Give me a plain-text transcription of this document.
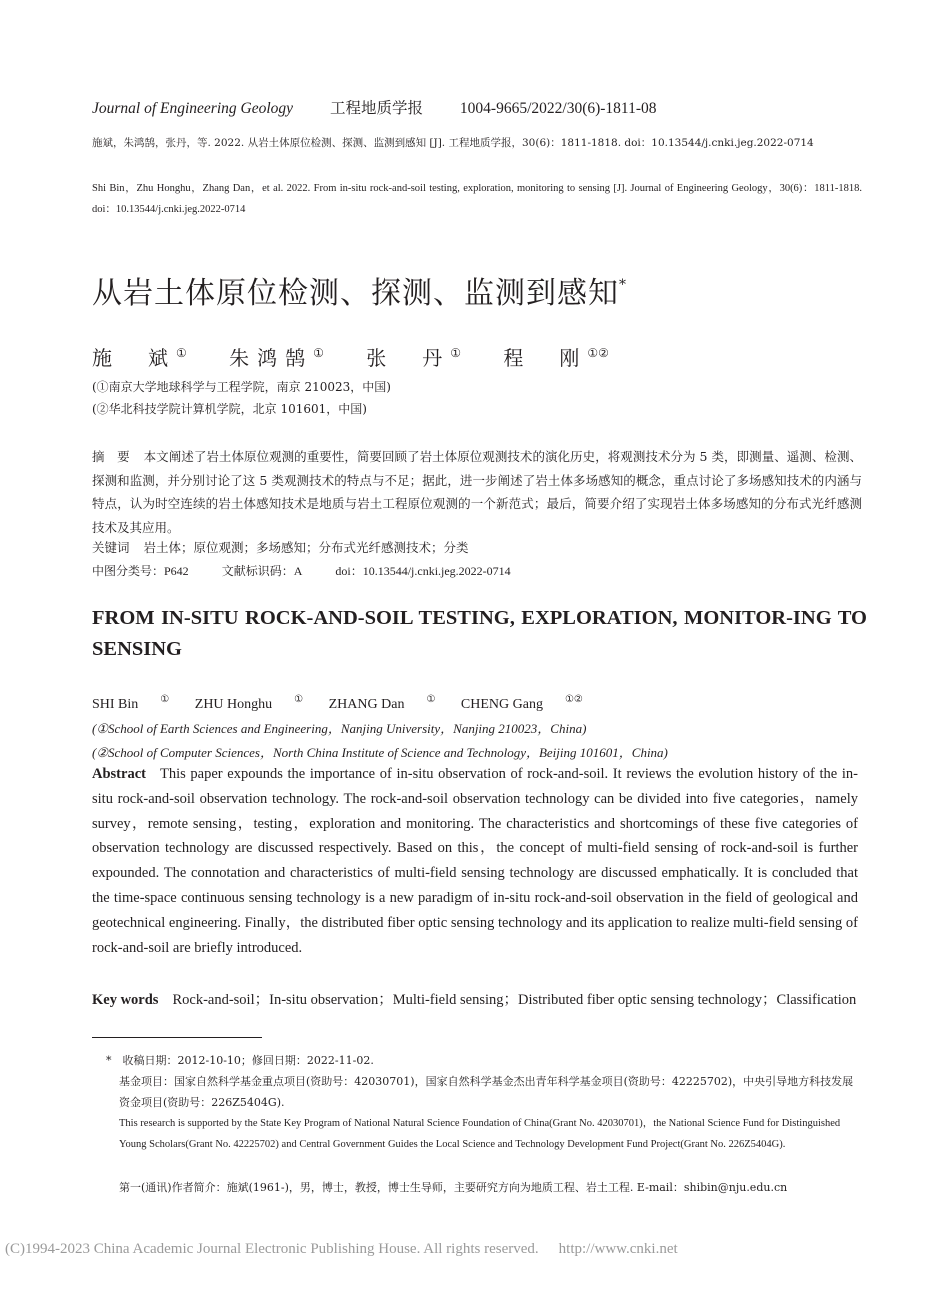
Journal of Engineering Geology 工程地质学报 1004-9665/2022/30(6)-1811-08
施斌，朱鸿鹄，张丹，等. 2022. 从岩土体原位检测、探测、监测到感知 [J]. 工程地质学报，30(6)：1811-1818. doi：10.13544/j.cnki.jeg.2022-0714
Shi Bin，Zhu Honghu，Zhang Dan，et al. 2022. From in-situ rock-and-soil testing, exploration, monitoring to sensing [J]. Journal of Engineering Geology，30(6)：1811-1818. doi：10.13544/j.cnki.jeg.2022-0714
从岩土体原位检测、探测、监测到感知*
施　斌① 朱鸿鹄① 张　丹① 程　刚①②
(①南京大学地球科学与工程学院，南京 210023，中国)
(②华北科技学院计算机学院，北京 101601，中国)
摘　要 本文阐述了岩土体原位观测的重要性，简要回顾了岩土体原位观测技术的演化历史，将观测技术分为 5 类，即测量、遥测、检测、探测和监测，并分别讨论了这 5 类观测技术的特点与不足；据此，进一步阐述了岩土体多场感知的概念，重点讨论了多场感知技术的内涵与特点，认为时空连续的岩土体感知技术是地质与岩土工程原位观测的一个新范式；最后，简要介绍了实现岩土体多场感知的分布式光纤感测技术及其应用。
关键词 岩土体；原位观测；多场感知；分布式光纤感测技术；分类
中图分类号：P642	文献标识码：A	doi：10.13544/j.cnki.jeg.2022-0714
FROM IN-SITU ROCK-AND-SOIL TESTING, EXPLORATION, MONITOR-ING TO SENSING
SHI Bin ① ZHU Honghu ① ZHANG Dan ① CHENG Gang ①②
(①School of Earth Sciences and Engineering，Nanjing University，Nanjing 210023，China)
(②School of Computer Sciences，North China Institute of Science and Technology，Beijing 101601，China)
Abstract This paper expounds the importance of in-situ observation of rock-and-soil. It reviews the evolution history of the in-situ rock-and-soil observation technology. The rock-and-soil observation technology can be divided into five categories，namely survey，remote sensing，testing，exploration and monitoring. The characteristics and shortcomings of these five categories of observation technology are discussed respectively. Based on this，the concept of multi-field sensing of rock-and-soil is further expounded. The connotation and characteristics of multi-field sensing technology are discussed emphatically. It is concluded that the time-space continuous sensing technology is a new paradigm of in-situ rock-and-soil observation in the field of geological and geotechnical engineering. Finally，the distributed fiber optic sensing technology and its application to realize multi-field sensing of rock-and-soil are briefly introduced.
Key words Rock-and-soil；In-situ observation；Multi-field sensing；Distributed fiber optic sensing technology；Classification
*　收稿日期：2012-10-10；修回日期：2022-11-02.
基金项目：国家自然科学基金重点项目(资助号：42030701)，国家自然科学基金杰出青年科学基金项目(资助号：42225702)，中央引导地方科技发展资金项目(资助号：226Z5404G).
This research is supported by the State Key Program of National Natural Science Foundation of China(Grant No. 42030701)，the National Science Fund for Distinguished Young Scholars(Grant No. 42225702) and Central Government Guides the Local Science and Technology Development Fund Project(Grant No. 226Z5404G).
第一(通讯)作者简介：施斌(1961-)，男，博士，教授，博士生导师，主要研究方向为地质工程、岩土工程. E-mail：shibin@nju.edu.cn
(C)1994-2023 China Academic Journal Electronic Publishing House. All rights reserved. http://www.cnki.net
